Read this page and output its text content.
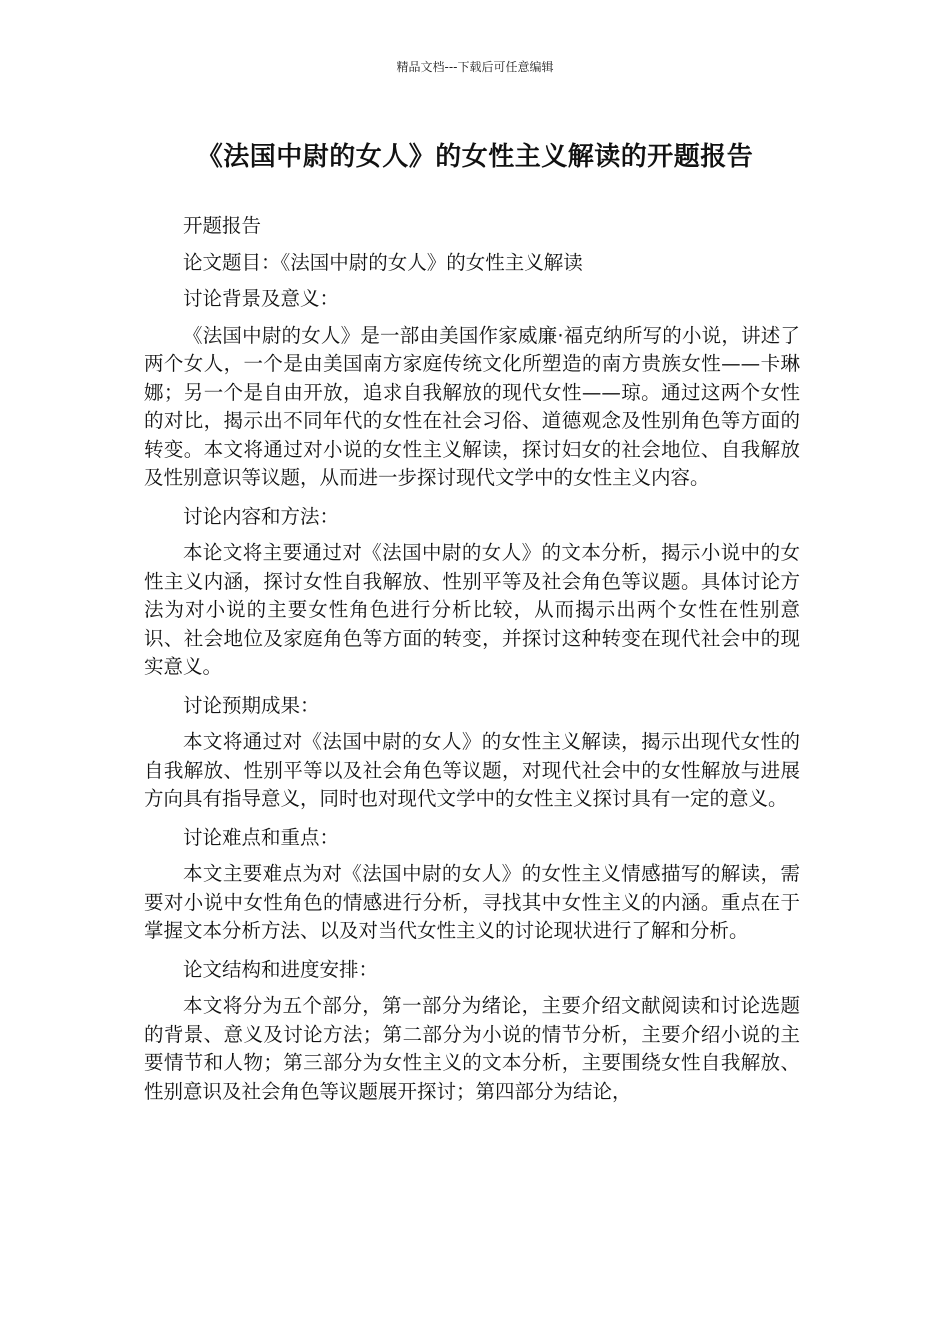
精品文档---下载后可任意编辑
《法国中尉的女人》的女性主义解读的开题报告

开题报告

论文题目：《法国中尉的女人》的女性主义解读

讨论背景及意义：

《法国中尉的女人》是一部由美国作家威廉·福克纳所写的小说，讲述了两个女人，一个是由美国南方家庭传统文化所塑造的南方贵族女性——卡琳娜；另一个是自由开放，追求自我解放的现代女性——琼。通过这两个女性的对比，揭示出不同年代的女性在社会习俗、道德观念及性别角色等方面的转变。本文将通过对小说的女性主义解读，探讨妇女的社会地位、自我解放及性别意识等议题，从而进一步探讨现代文学中的女性主义内容。

讨论内容和方法：

本论文将主要通过对《法国中尉的女人》的文本分析，揭示小说中的女性主义内涵，探讨女性自我解放、性别平等及社会角色等议题。具体讨论方法为对小说的主要女性角色进行分析比较，从而揭示出两个女性在性别意识、社会地位及家庭角色等方面的转变，并探讨这种转变在现代社会中的现实意义。

讨论预期成果：

本文将通过对《法国中尉的女人》的女性主义解读，揭示出现代女性的自我解放、性别平等以及社会角色等议题，对现代社会中的女性解放与进展方向具有指导意义，同时也对现代文学中的女性主义探讨具有一定的意义。

讨论难点和重点：

本文主要难点为对《法国中尉的女人》的女性主义情感描写的解读，需要对小说中女性角色的情感进行分析，寻找其中女性主义的内涵。重点在于掌握文本分析方法、以及对当代女性主义的讨论现状进行了解和分析。

论文结构和进度安排：

本文将分为五个部分，第一部分为绪论，主要介绍文献阅读和讨论选题的背景、意义及讨论方法；第二部分为小说的情节分析，主要介绍小说的主要情节和人物；第三部分为女性主义的文本分析，主要围绕女性自我解放、性别意识及社会角色等议题展开探讨；第四部分为结论，
